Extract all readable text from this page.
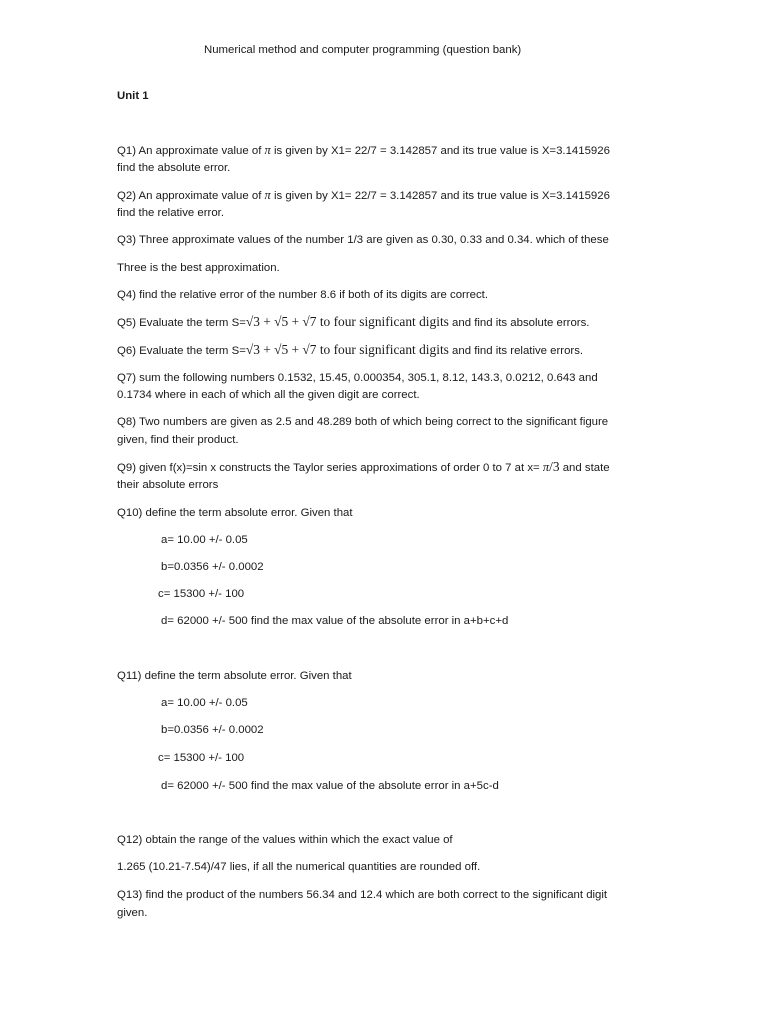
Numerical method and computer programming (question bank)
Unit 1
Q1) An approximate value of π is given by X1= 22/7 = 3.142857 and its true value is X=3.1415926
find the absolute error.
Q2) An approximate value of π is given by X1= 22/7 = 3.142857 and its true value is X=3.1415926
find the relative error.
Q3) Three approximate values of the number 1/3 are given as 0.30, 0.33 and 0.34. which of these
Three is the best approximation.
Q4) find the relative error of the number 8.6 if both of its digits are correct.
Q5) Evaluate the term S=√3 + √5 + √7 to four significant digits and find its absolute errors.
Q6) Evaluate the term S=√3 + √5 + √7 to four significant digits and find its relative errors.
Q7) sum the following numbers 0.1532, 15.45, 0.000354, 305.1, 8.12, 143.3, 0.0212, 0.643 and
0.1734 where in each of which all the given digit are correct.
Q8) Two numbers are given as 2.5 and 48.289 both of which being correct to the significant figure
given, find their product.
Q9) given f(x)=sin x constructs the Taylor series approximations of order 0 to 7 at x= π/3 and state
their absolute errors
Q10) define the term absolute error. Given that
a= 10.00 +/- 0.05
b=0.0356 +/- 0.0002
c= 15300 +/- 100
d= 62000 +/- 500 find the max value of the absolute error in a+b+c+d
Q11) define the term absolute error. Given that
a= 10.00 +/- 0.05
b=0.0356 +/- 0.0002
c= 15300 +/- 100
d= 62000 +/- 500 find the max value of the absolute error in a+5c-d
Q12) obtain the range of the values within which the exact value of
1.265 (10.21-7.54)/47 lies, if all the numerical quantities are rounded off.
Q13) find the product of the numbers 56.34 and 12.4 which are both correct to the significant digit
given.
